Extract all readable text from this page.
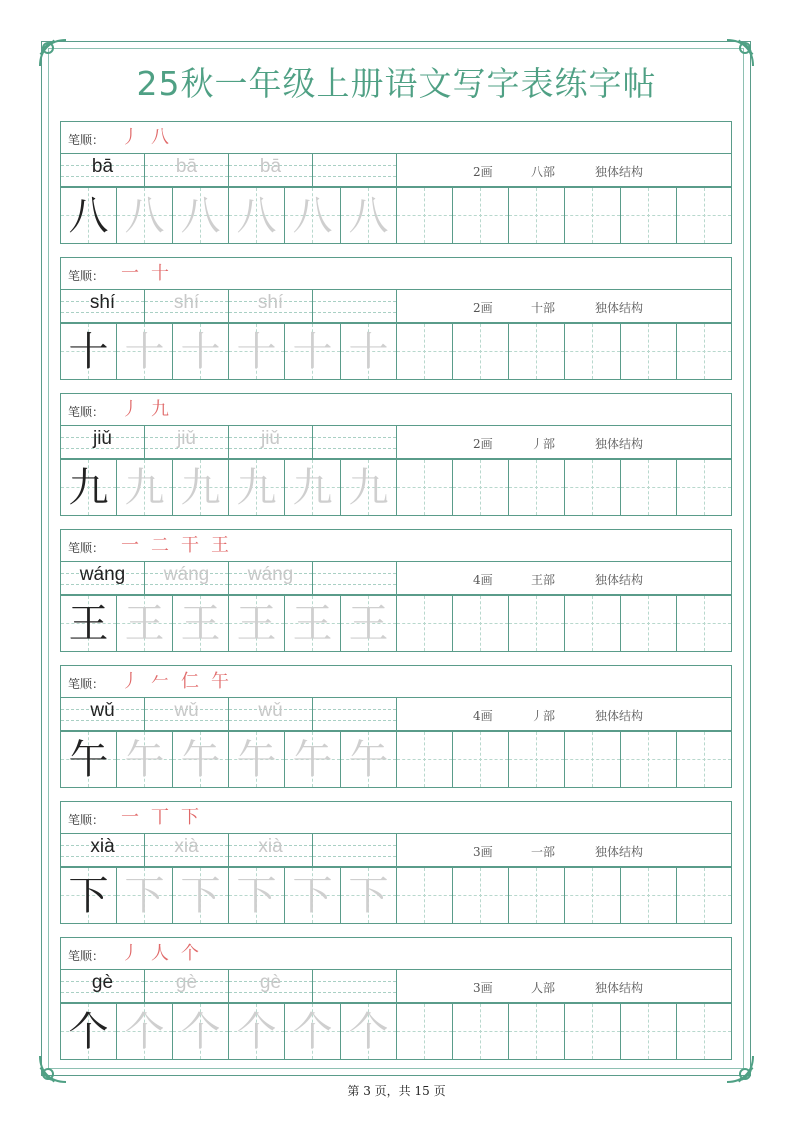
25秋一年级上册语文写字表练字帖
笔顺： 丿 八
bā	bā	bā	2画	八部	独体结构
八 八 八 八 八 八
笔顺： 一 十
shí	shí	shí	2画	十部	独体结构
十 十 十 十 十 十
笔顺： 丿 九
jiǔ	jiǔ	jiǔ	2画	丿部	独体结构
九 九 九 九 九 九
笔顺： 一 二 干 王
wáng	wáng	wáng	4画	王部	独体结构
王 王 王 王 王 王
笔顺： 丿 𠂉 仁 午
wǔ	wǔ	wǔ	4画	丿部	独体结构
午 午 午 午 午 午
笔顺： 一 丅 下
xià	xià	xià	3画	一部	独体结构
下 下 下 下 下 下
笔顺： 丿 人 个
gè	gè	gè	3画	人部	独体结构
个 个 个 个 个 个
第 3 页，共 15 页
